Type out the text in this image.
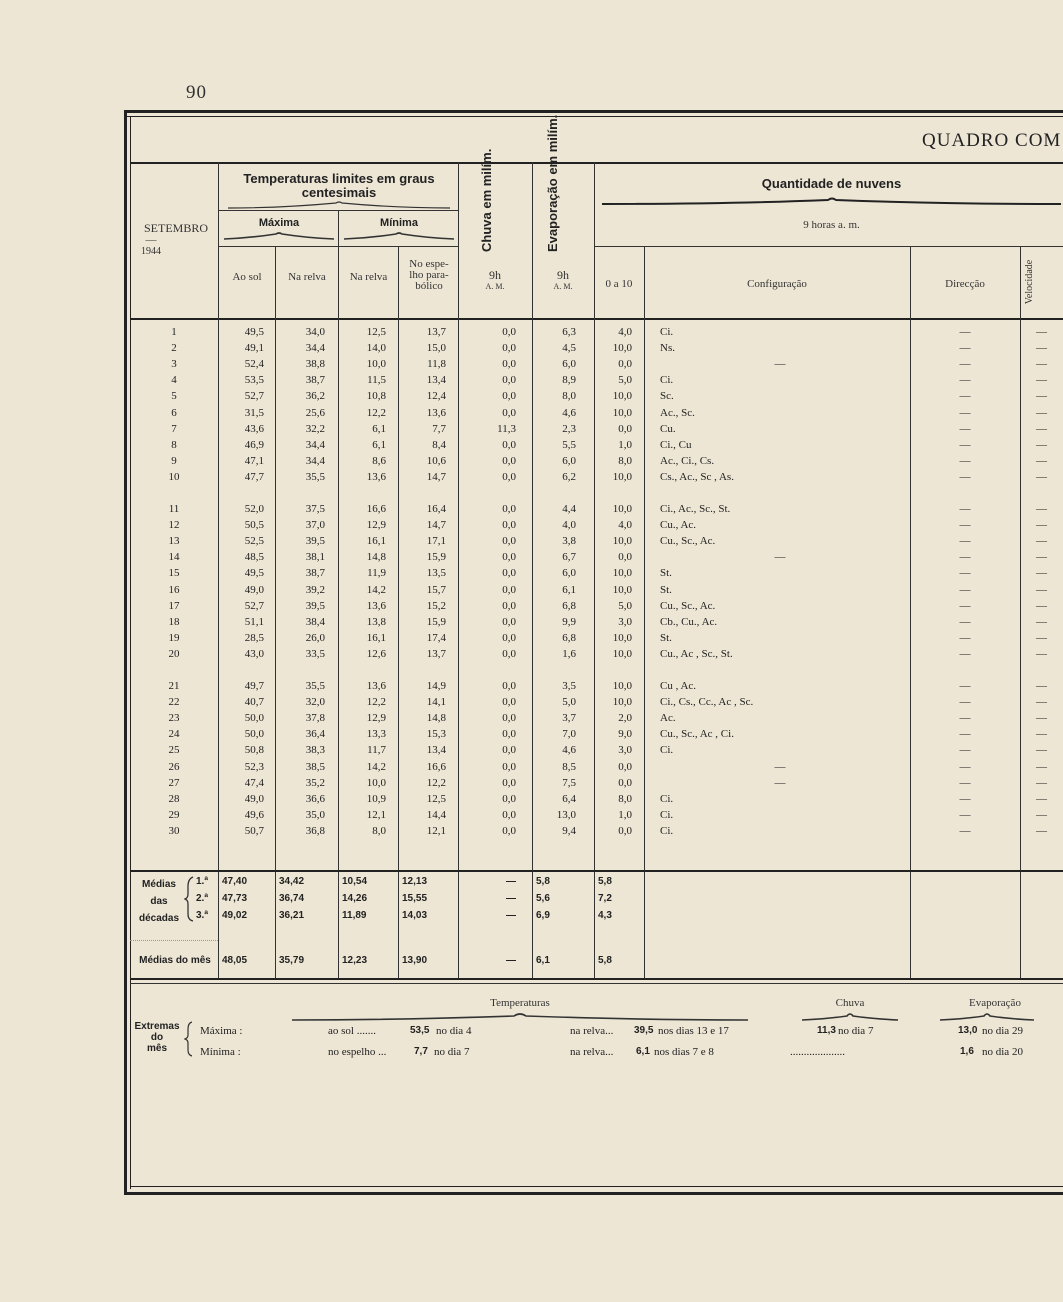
90
QUADRO COM
SETEMBRO
—
1944
Temperaturas limites em graus centesimais
Máxima	Mínima
Ao sol	Na relva	Na relva
No espe-lho para-bólico
Chuva em milím.	Evaporação em milím.
9h
A. M.
9h
A. M.
Quantidade de nuvens
9 horas a. m.
0 a 10	Configuração	Direcção	Velocidade
1	49,5	34,0	12,5	13,7	0,0	6,3	4,0	Ci.	—	—
2	49,1	34,4	14,0	15,0	0,0	4,5	10,0	Ns.	—	—
3	52,4	38,8	10,0	11,8	0,0	6,0	0,0	—	—	—
4	53,5	38,7	11,5	13,4	0,0	8,9	5,0	Ci.	—	—
5	52,7	36,2	10,8	12,4	0,0	8,0	10,0	Sc.	—	—
6	31,5	25,6	12,2	13,6	0,0	4,6	10,0	Ac., Sc.	—	—
7	43,6	32,2	6,1	7,7	11,3	2,3	0,0	Cu.	—	—
8	46,9	34,4	6,1	8,4	0,0	5,5	1,0	Ci., Cu	—	—
9	47,1	34,4	8,6	10,6	0,0	6,0	8,0	Ac., Ci., Cs.	—	—
10	47,7	35,5	13,6	14,7	0,0	6,2	10,0	Cs., Ac., Sc , As.	—	—
11	52,0	37,5	16,6	16,4	0,0	4,4	10,0	Ci., Ac., Sc., St.	—	—
12	50,5	37,0	12,9	14,7	0,0	4,0	4,0	Cu., Ac.	—	—
13	52,5	39,5	16,1	17,1	0,0	3,8	10,0	Cu., Sc., Ac.	—	—
14	48,5	38,1	14,8	15,9	0,0	6,7	0,0	—	—	—
15	49,5	38,7	11,9	13,5	0,0	6,0	10,0	St.	—	—
16	49,0	39,2	14,2	15,7	0,0	6,1	10,0	St.	—	—
17	52,7	39,5	13,6	15,2	0,0	6,8	5,0	Cu., Sc., Ac.	—	—
18	51,1	38,4	13,8	15,9	0,0	9,9	3,0	Cb., Cu., Ac.	—	—
19	28,5	26,0	16,1	17,4	0,0	6,8	10,0	St.	—	—
20	43,0	33,5	12,6	13,7	0,0	1,6	10,0	Cu., Ac , Sc., St.	—	—
21	49,7	35,5	13,6	14,9	0,0	3,5	10,0	Cu , Ac.	—	—
22	40,7	32,0	12,2	14,1	0,0	5,0	10,0	Ci., Cs., Cc., Ac , Sc.	—	—
23	50,0	37,8	12,9	14,8	0,0	3,7	2,0	Ac.	—	—
24	50,0	36,4	13,3	15,3	0,0	7,0	9,0	Cu., Sc., Ac , Ci.	—	—
25	50,8	38,3	11,7	13,4	0,0	4,6	3,0	Ci.	—	—
26	52,3	38,5	14,2	16,6	0,0	8,5	0,0	—	—	—
27	47,4	35,2	10,0	12,2	0,0	7,5	0,0	—	—	—
28	49,0	36,6	10,9	12,5	0,0	6,4	8,0	Ci.	—	—
29	49,6	35,0	12,1	14,4	0,0	13,0	1,0	Ci.	—	—
30	50,7	36,8	8,0	12,1	0,0	9,4	0,0	Ci.	—	—
Médias
das
décadas
1.ª 47,40	34,42	10,54	12,13	— 5,8	5,8
2.ª 47,73	36,74	14,26	15,55	— 5,6	7,2
3.ª 49,02	36,21	11,89	14,03	— 6,9	4,3
Médias do mês	48,05	35,79	12,23	13,90	— 6,1	5,8
Temperaturas	Chuva	Evaporação
Extremas
do
mês
Máxima :
Mínima :
ao sol .......	53,5 no dia 4	na relva... 39,5 nos dias 13 e 17	11,3 no dia 7	13,0 no dia 29
no espelho ...	7,7 no dia 7	na relva... 6,1 nos dias 7 e 8	....................	1,6 no dia 20
